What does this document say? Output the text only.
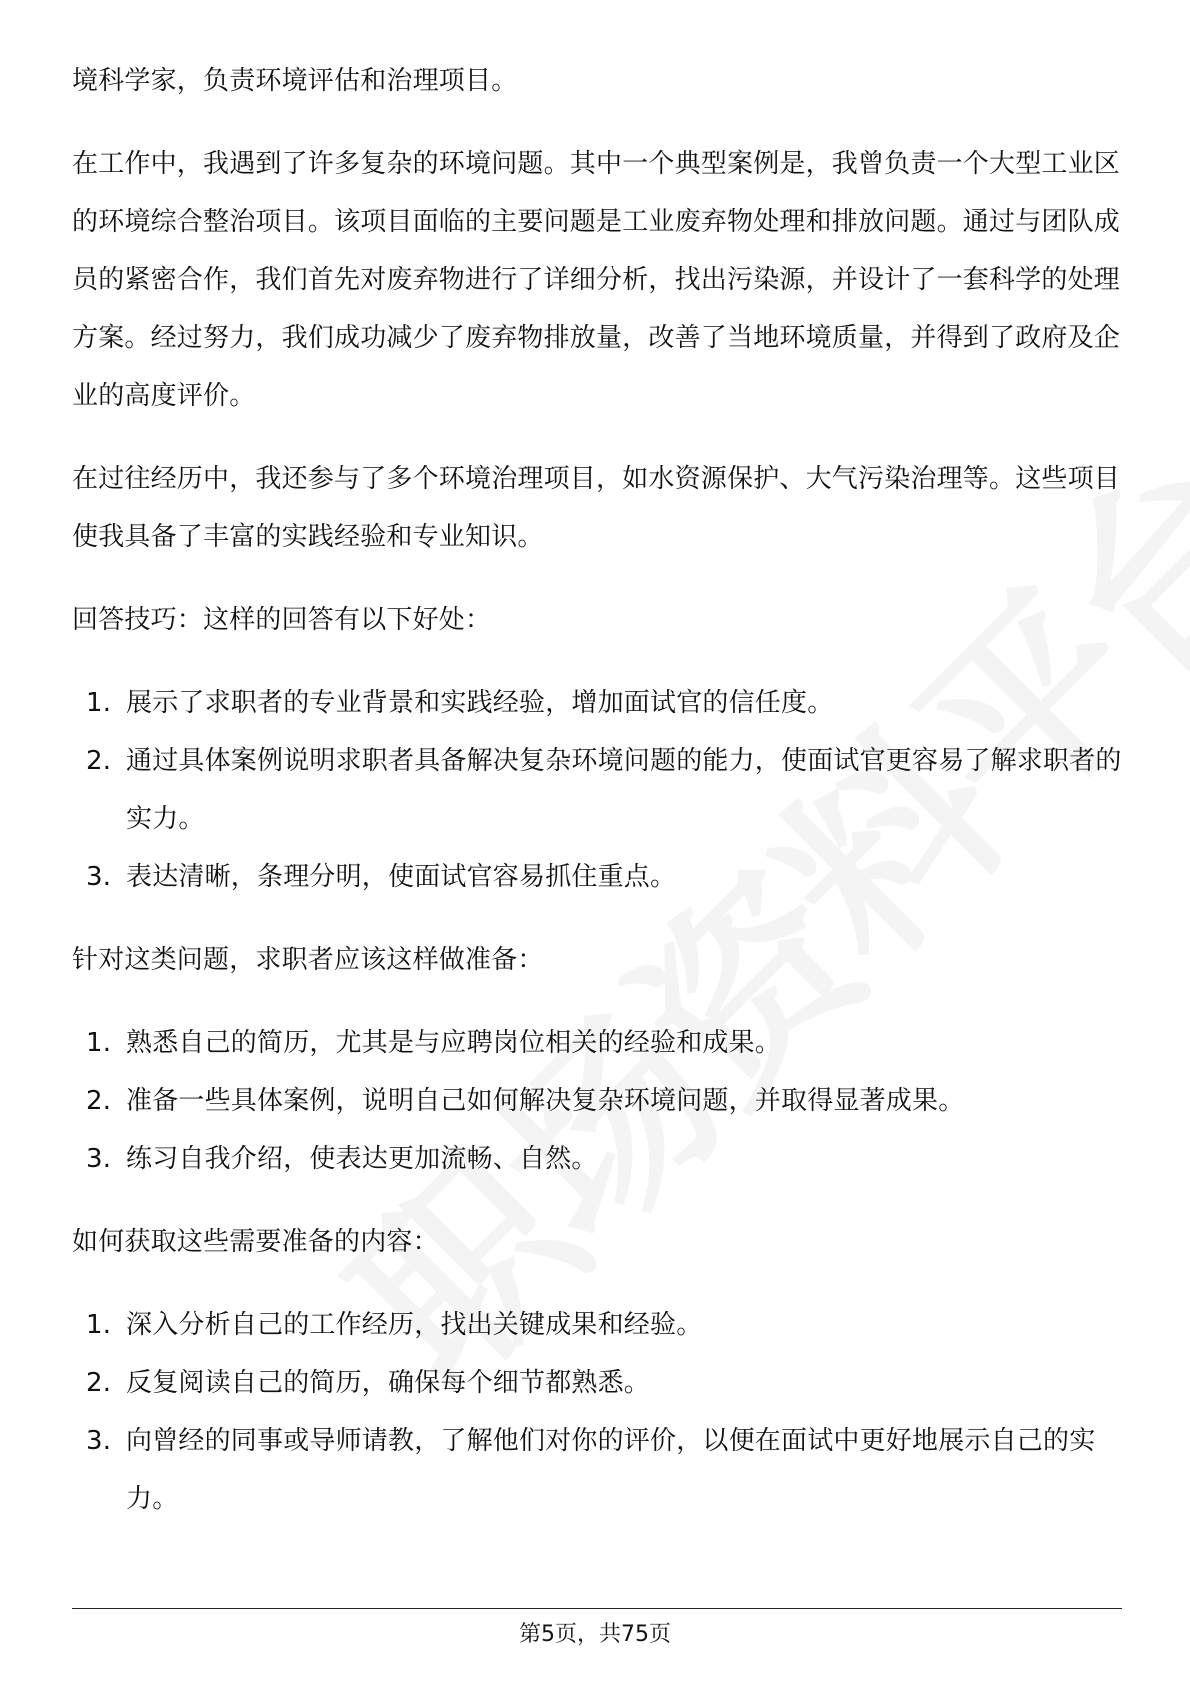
境科学家，负责环境评估和治理项目。

在工作中，我遇到了许多复杂的环境问题。其中一个典型案例是，我曾负责一个大型工业区的环境综合整治项目。该项目面临的主要问题是工业废弃物处理和排放问题。通过与团队成员的紧密合作，我们首先对废弃物进行了详细分析，找出污染源，并设计了一套科学的处理方案。经过努力，我们成功减少了废弃物排放量，改善了当地环境质量，并得到了政府及企业的高度评价。

在过往经历中，我还参与了多个环境治理项目，如水资源保护、大气污染治理等。这些项目使我具备了丰富的实践经验和专业知识。

回答技巧：这样的回答有以下好处：

1. 展示了求职者的专业背景和实践经验，增加面试官的信任度。
2. 通过具体案例说明求职者具备解决复杂环境问题的能力，使面试官更容易了解求职者的实力。
3. 表达清晰，条理分明，使面试官容易抓住重点。

针对这类问题，求职者应该这样做准备：

1. 熟悉自己的简历，尤其是与应聘岗位相关的经验和成果。
2. 准备一些具体案例，说明自己如何解决复杂环境问题，并取得显著成果。
3. 练习自我介绍，使表达更加流畅、自然。

如何获取这些需要准备的内容：

1. 深入分析自己的工作经历，找出关键成果和经验。
2. 反复阅读自己的简历，确保每个细节都熟悉。
3. 向曾经的同事或导师请教，了解他们对你的评价，以便在面试中更好地展示自己的实力。
第5页，共75页
